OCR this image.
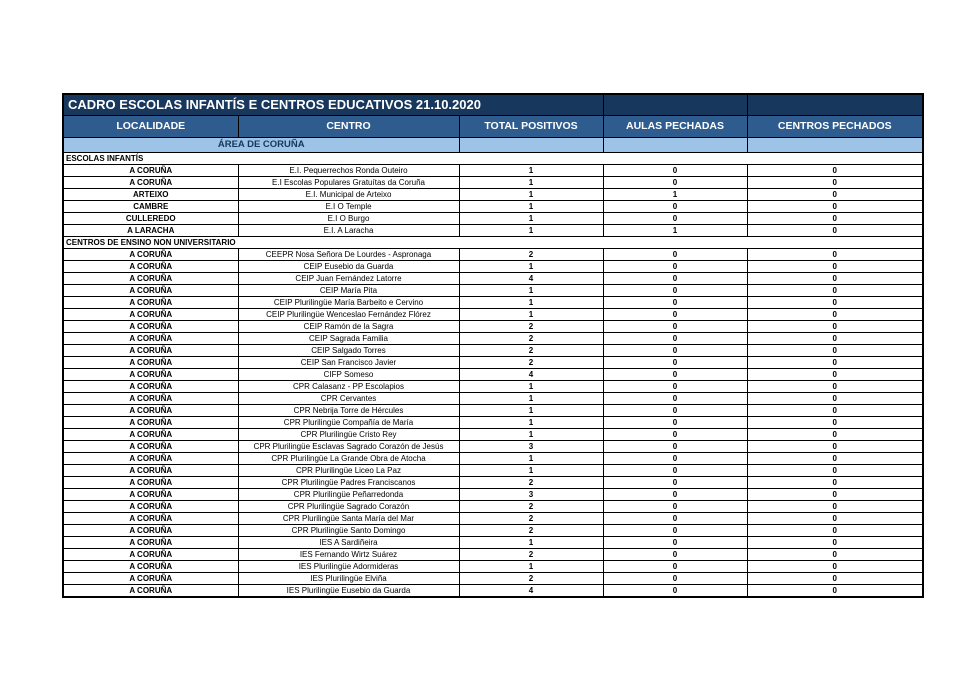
CADRO ESCOLAS INFANTÍS E CENTROS EDUCATIVOS 21.10.2020				
LOCALIDADE	CENTRO	TOTAL POSITIVOS	AULAS PECHADAS	CENTROS PECHADOS
ÁREA DE CORUÑA				
ESCOLAS INFANTÍS				
A CORUÑA	E.I. Pequerrechos Ronda Outeiro	1	0	0
A CORUÑA	E.I Escolas Populares Gratuítas da Coruña	1	0	0
ARTEIXO	E.I. Municipal de Arteixo	1	1	0
CAMBRE	E.I O Temple	1	0	0
CULLEREDO	E.I O Burgo	1	0	0
A LARACHA	E.I. A Laracha	1	1	0
CENTROS DE ENSINO NON UNIVERSITARIO				
A CORUÑA	CEEPR Nosa Señora De Lourdes - Aspronaga	2	0	0
A CORUÑA	CEIP Eusebio da Guarda	1	0	0
A CORUÑA	CEIP Juan Fernández Latorre	4	0	0
A CORUÑA	CEIP María Pita	1	0	0
A CORUÑA	CEIP Plurilingüe María Barbeito e Cervino	1	0	0
A CORUÑA	CEIP Plurilingüe Wenceslao Fernández Flórez	1	0	0
A CORUÑA	CEIP Ramón de la Sagra	2	0	0
A CORUÑA	CEIP Sagrada Familia	2	0	0
A CORUÑA	CEIP Salgado Torres	2	0	0
A CORUÑA	CEIP San Francisco Javier	2	0	0
A CORUÑA	CIFP Someso	4	0	0
A CORUÑA	CPR Calasanz - PP Escolapios	1	0	0
A CORUÑA	CPR Cervantes	1	0	0
A CORUÑA	CPR Nebrija Torre de Hércules	1	0	0
A CORUÑA	CPR Plurilingüe Compañía de María	1	0	0
A CORUÑA	CPR Plurilingüe Cristo Rey	1	0	0
A CORUÑA	CPR Plurilingüe Esclavas Sagrado Corazón de Jesús	3	0	0
A CORUÑA	CPR Plurilingüe La Grande Obra de Atocha	1	0	0
A CORUÑA	CPR Plurilingüe Liceo La Paz	1	0	0
A CORUÑA	CPR Plurilingüe Padres Franciscanos	2	0	0
A CORUÑA	CPR Plurilingüe Peñarredonda	3	0	0
A CORUÑA	CPR Plurilingüe Sagrado Corazón	2	0	0
A CORUÑA	CPR Plurilingüe Santa María del Mar	2	0	0
A CORUÑA	CPR Plurilingüe Santo Domingo	2	0	0
A CORUÑA	IES A Sardiñeira	1	0	0
A CORUÑA	IES Fernando Wirtz Suárez	2	0	0
A CORUÑA	IES Plurilingüe Adormideras	1	0	0
A CORUÑA	IES Plurilingüe Elviña	2	0	0
A CORUÑA	IES Plurilingüe Eusebio da Guarda	4	0	0
